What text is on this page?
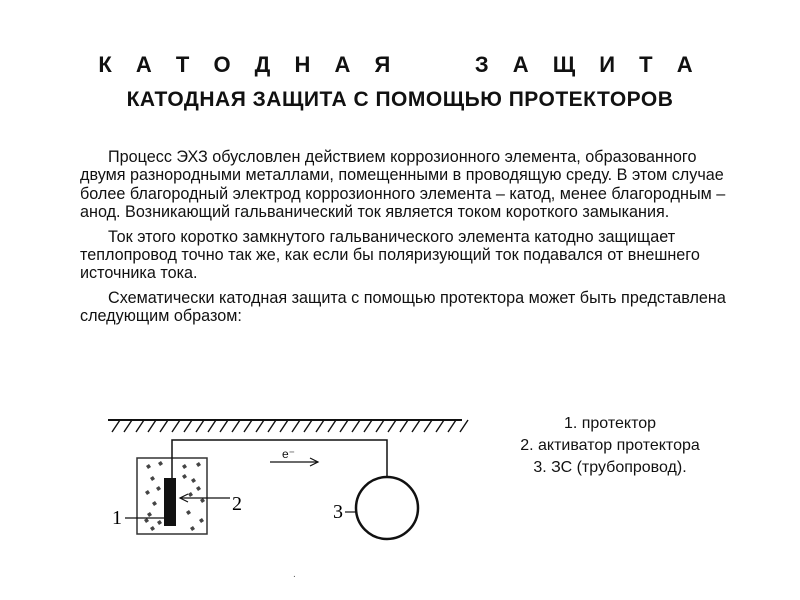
К А Т О Д Н А Я     З А Щ И Т А
КАТОДНАЯ ЗАЩИТА С ПОМОЩЬЮ ПРОТЕКТОРОВ

Процесс ЭХЗ обусловлен действием коррозионного элемента, образованного двумя разнородными металлами, помещенными в проводящую среду. В этом случае более благородный электрод коррозионного элемента – катод, менее благородным – анод. Возникающий гальванический ток является током короткого замыкания.

Ток этого коротко замкнутого гальванического элемента катодно защищает теплопровод точно так же, как если бы поляризующий ток подавался от внешнего источника тока.

Схематически катодная защита с помощью протектора может быть представлена следующим образом:

e⁻
1
2	3
.
1. протектор
2. активатор протектора
3. ЗС (трубопровод).
